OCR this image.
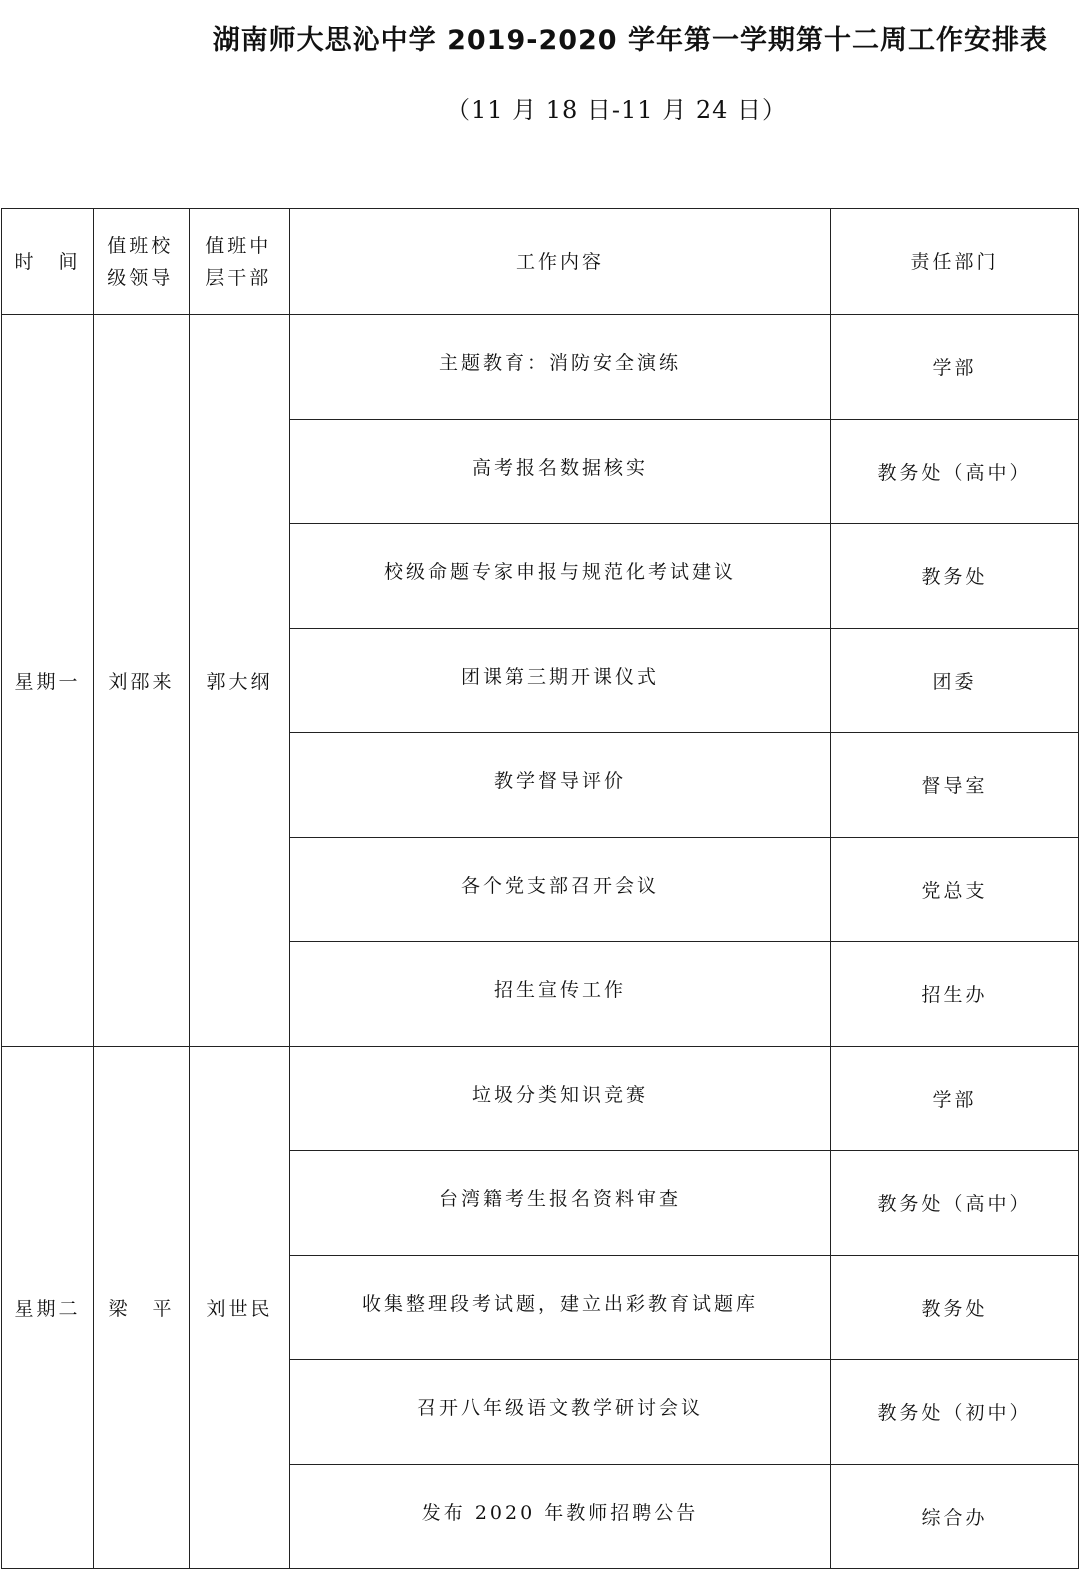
湖南师大思沁中学 2019-2020 学年第一学期第十二周工作安排表
（11 月 18 日-11 月 24 日）
时　间	值班校级领导	值班中层干部	工作内容	责任部门
星期一	刘邵来	郭大纲	主题教育：消防安全演练	学部
			高考报名数据核实	教务处（高中）
			校级命题专家申报与规范化考试建议	教务处
			团课第三期开课仪式	团委
			教学督导评价	督导室
			各个党支部召开会议	党总支
			招生宣传工作	招生办
星期二	梁　平	刘世民	垃圾分类知识竞赛	学部
			台湾籍考生报名资料审查	教务处（高中）
			收集整理段考试题，建立出彩教育试题库	教务处
			召开八年级语文教学研讨会议	教务处（初中）
			发布 2020 年教师招聘公告	综合办
